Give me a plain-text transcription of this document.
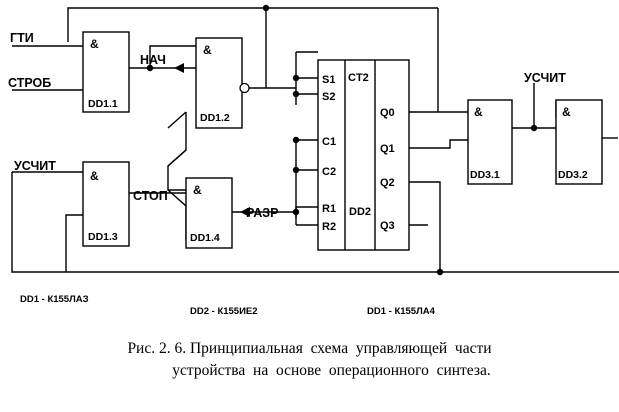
&
DD1.1
&
DD1.2
&
DD1.3
&
DD1.4
&
DD3.1
&
DD3.2
S1
S2
C1
C2
R1
R2
CT2
DD2
Q0
Q1
Q2
Q3
ГТИ
СТРОБ
НАЧ
УСЧИТ
СТОП
РАЗР
УСЧИТ
DD1 - К155ЛАЗ
DD2 - К155ИЕ2	DD1 - К155ЛА4
Рис. 2. 6. Принципиальная  схема  управляющей  части
устройства  на  основе  операционного  синтеза.
